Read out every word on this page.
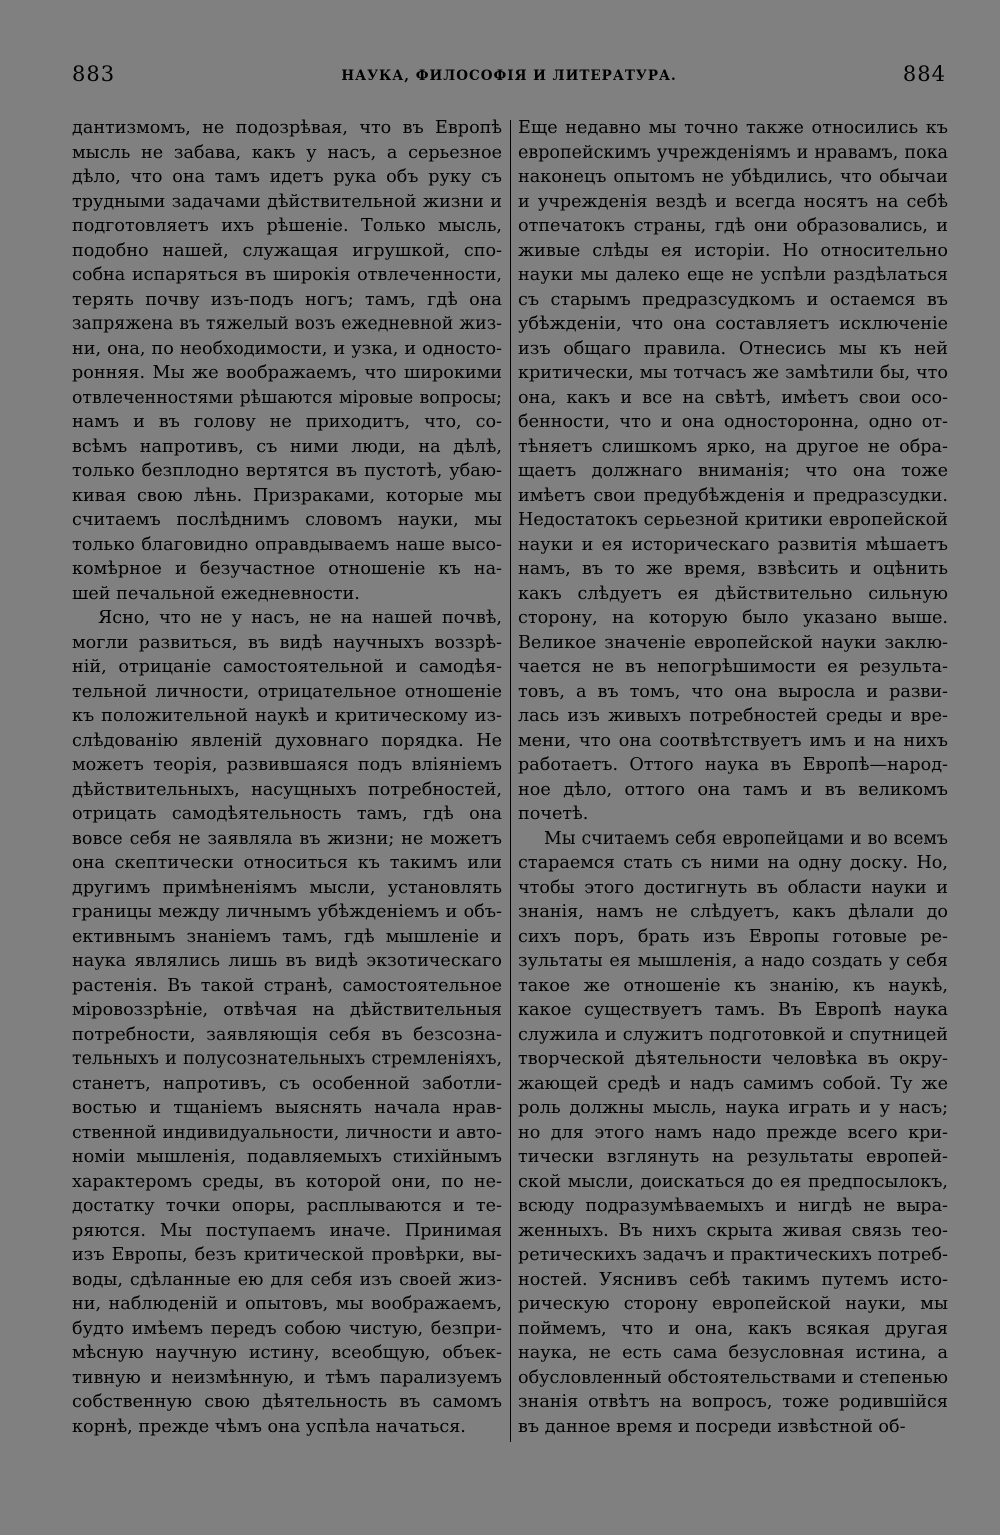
883	НАУКА, ФИЛОСОФІЯ И ЛИТЕРАТУРА.	884
дантизмомъ, не подозрѣвая, что въ Европѣ
мысль не забава, какъ у насъ, а серьезное
дѣло, что она тамъ идетъ рука объ руку съ
трудными задачами дѣйствительной жизни и
подготовляетъ ихъ рѣшеніе. Только мысль,
подобно нашей, служащая игрушкой, спо-
собна испаряться въ широкія отвлеченности,
терять почву изъ-подъ ногъ; тамъ, гдѣ она
запряжена въ тяжелый возъ ежедневной жиз-
ни, она, по необходимости, и узка, и односто-
ронняя. Мы же воображаемъ, что широкими
отвлеченностями рѣшаются міровые вопросы;
намъ и въ голову не приходитъ, что, со-
всѣмъ напротивъ, съ ними люди, на дѣлѣ,
только безплодно вертятся въ пустотѣ, убаю-
кивая свою лѣнь. Призраками, которые мы
считаемъ послѣднимъ словомъ науки, мы
только благовидно оправдываемъ наше высо-
комѣрное и безучастное отношеніе къ на-
шей печальной ежедневности.
Ясно, что не у насъ, не на нашей почвѣ,
могли развиться, въ видѣ научныхъ воззрѣ-
ній, отрицаніе самостоятельной и самодѣя-
тельной личности, отрицательное отношеніе
къ положительной наукѣ и критическому из-
слѣдованію явленій духовнаго порядка. Не
можетъ теорія, развившаяся подъ вліяніемъ
дѣйствительныхъ, насущныхъ потребностей,
отрицать самодѣятельность тамъ, гдѣ она
вовсе себя не заявляла въ жизни; не можетъ
она скептически относиться къ такимъ или
другимъ примѣненіямъ мысли, установлять
границы между личнымъ убѣжденіемъ и объ-
ективнымъ знаніемъ тамъ, гдѣ мышленіе и
наука являлись лишь въ видѣ экзотическаго
растенія. Въ такой странѣ, самостоятельное
міровоззрѣніе, отвѣчая на дѣйствительныя
потребности, заявляющія себя въ безсозна-
тельныхъ и полусознательныхъ стремленіяхъ,
станетъ, напротивъ, съ особенной заботли-
востью и тщаніемъ выяснять начала нрав-
ственной индивидуальности, личности и авто-
номіи мышленія, подавляемыхъ стихійнымъ
характеромъ среды, въ которой они, по не-
достатку точки опоры, расплываются и те-
ряются. Мы поступаемъ иначе. Принимая
изъ Европы, безъ критической провѣрки, вы-
воды, сдѣланные ею для себя изъ своей жиз-
ни, наблюденій и опытовъ, мы воображаемъ,
будто имѣемъ передъ собою чистую, безпри-
мѣсную научную истину, всеобщую, объек-
тивную и неизмѣнную, и тѣмъ парализуемъ
собственную свою дѣятельность въ самомъ
корнѣ, прежде чѣмъ она успѣла начаться.
Еще недавно мы точно также относились къ
европейскимъ учрежденіямъ и нравамъ, пока
наконецъ опытомъ не убѣдились, что обычаи
и учрежденія вездѣ и всегда носятъ на себѣ
отпечатокъ страны, гдѣ они образовались, и
живые слѣды ея исторіи. Но относительно
науки мы далеко еще не успѣли раздѣлаться
съ старымъ предразсудкомъ и остаемся въ
убѣжденіи, что она составляетъ исключеніе
изъ общаго правила. Отнесись мы къ ней
критически, мы тотчасъ же замѣтили бы, что
она, какъ и все на свѣтѣ, имѣетъ свои осо-
бенности, что и она односторонна, одно от-
тѣняетъ слишкомъ ярко, на другое не обра-
щаетъ должнаго вниманія; что она тоже
имѣетъ свои предубѣжденія и предразсудки.
Недостатокъ серьезной критики европейской
науки и ея историческаго развитія мѣшаетъ
намъ, въ то же время, взвѣсить и оцѣнить
какъ слѣдуетъ ея дѣйствительно сильную
сторону, на которую было указано выше.
Великое значеніе европейской науки заклю-
чается не въ непогрѣшимости ея результа-
товъ, а въ томъ, что она выросла и разви-
лась изъ живыхъ потребностей среды и вре-
мени, что она соотвѣтствуетъ имъ и на нихъ
работаетъ. Оттого наука въ Европѣ—народ-
ное дѣло, оттого она тамъ и въ великомъ
почетѣ.
Мы считаемъ себя европейцами и во всемъ
стараемся стать съ ними на одну доску. Но,
чтобы этого достигнуть въ области науки и
знанія, намъ не слѣдуетъ, какъ дѣлали до
сихъ поръ, брать изъ Европы готовые ре-
зультаты ея мышленія, а надо создать у себя
такое же отношеніе къ знанію, къ наукѣ,
какое существуетъ тамъ. Въ Европѣ наука
служила и служитъ подготовкой и спутницей
творческой дѣятельности человѣка въ окру-
жающей средѣ и надъ самимъ собой. Ту же
роль должны мысль, наука играть и у насъ;
но для этого намъ надо прежде всего кри-
тически взглянуть на результаты европей-
ской мысли, доискаться до ея предпосылокъ,
всюду подразумѣваемыхъ и нигдѣ не выра-
женныхъ. Въ нихъ скрыта живая связь тео-
ретическихъ задачъ и практическихъ потреб-
ностей. Уяснивъ себѣ такимъ путемъ исто-
рическую сторону европейской науки, мы
поймемъ, что и она, какъ всякая другая
наука, не есть сама безусловная истина, а
обусловленный обстоятельствами и степенью
знанія отвѣтъ на вопросъ, тоже родившійся
въ данное время и посреди извѣстной об-
